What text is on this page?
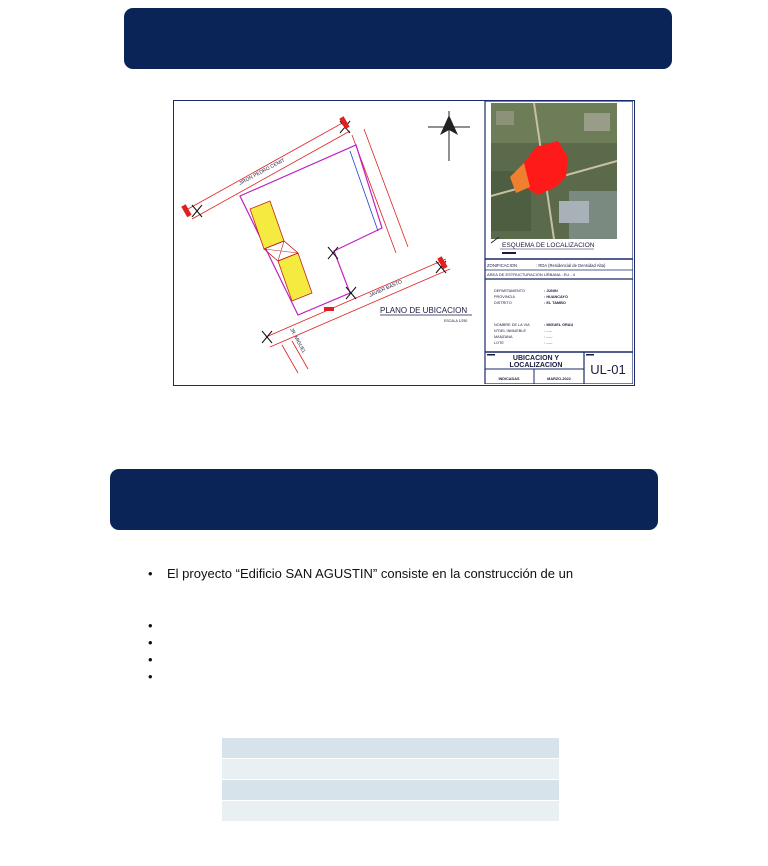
JIRON PEDRO CEMIT
JAVIER BASTO
JR. MIGUEL
PLANO DE UBICACION
ESCALA 1/250
ESQUEMA DE LOCALIZACION
ZONIFICACION	: RDA (Residencial de Densidad Alta)
AREA DE ESTRUCTURACION URBANA : EU - 4
DEPARTAMENTO	: JUNIN
PROVINCIA	: HUANCAYO
DISTRITO	: EL TAMBO
NOMBRE DE LA VIA	: MIGUEL GRAU
N°DEL INMUEBLE	: -----
MANZANA	: -----
LOTE	: -----
UBICACION Y
LOCALIZACION UL-01
INDICADAS	MARZO-2022
• El proyecto “Edificio SAN AGUSTIN” consiste en la construcción de un
•
•
•
•
